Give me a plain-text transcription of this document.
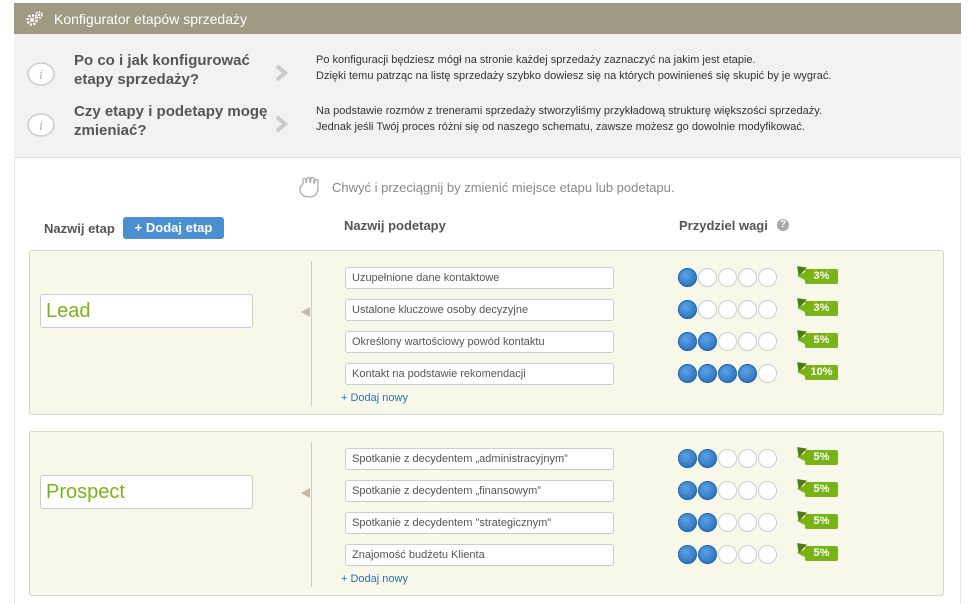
Konfigurator etapów sprzedaży
i
Po co i jak konfigurować etapy sprzedaży?
Po konfiguracji będziesz mógł na stronie każdej sprzedaży zaznaczyć na jakim jest etapie.
Dzięki temu patrząc na listę sprzedaży szybko dowiesz się na których powinieneś się skupić by je wygrać.
i
Czy etapy i podetapy mogę zmieniać?
Na podstawie rozmów z trenerami sprzedaży stworzyliśmy przykładową strukturę większości sprzedaży.
Jednak jeśli Twój proces różni się od naszego schematu, zawsze możesz go dowolnie modyfikować.
Chwyć i przeciągnij by zmienić miejsce etapu lub podetapu.
Nazwij etap	+ Dodaj etap	Nazwij podetapy	Przydziel wagi ?
Lead
Uzupełnione dane kontaktowe	3%
Ustalone kluczowe osoby decyzyjne	3%
Określony wartościowy powód kontaktu	5%
Kontakt na podstawie rekomendacji	10%
+ Dodaj nowy
Prospect
Spotkanie z decydentem „administracyjnym”	5%
Spotkanie z decydentem „finansowym”	5%
Spotkanie z decydentem "strategicznym"	5%
Znajomość budżetu Klienta	5%
+ Dodaj nowy
